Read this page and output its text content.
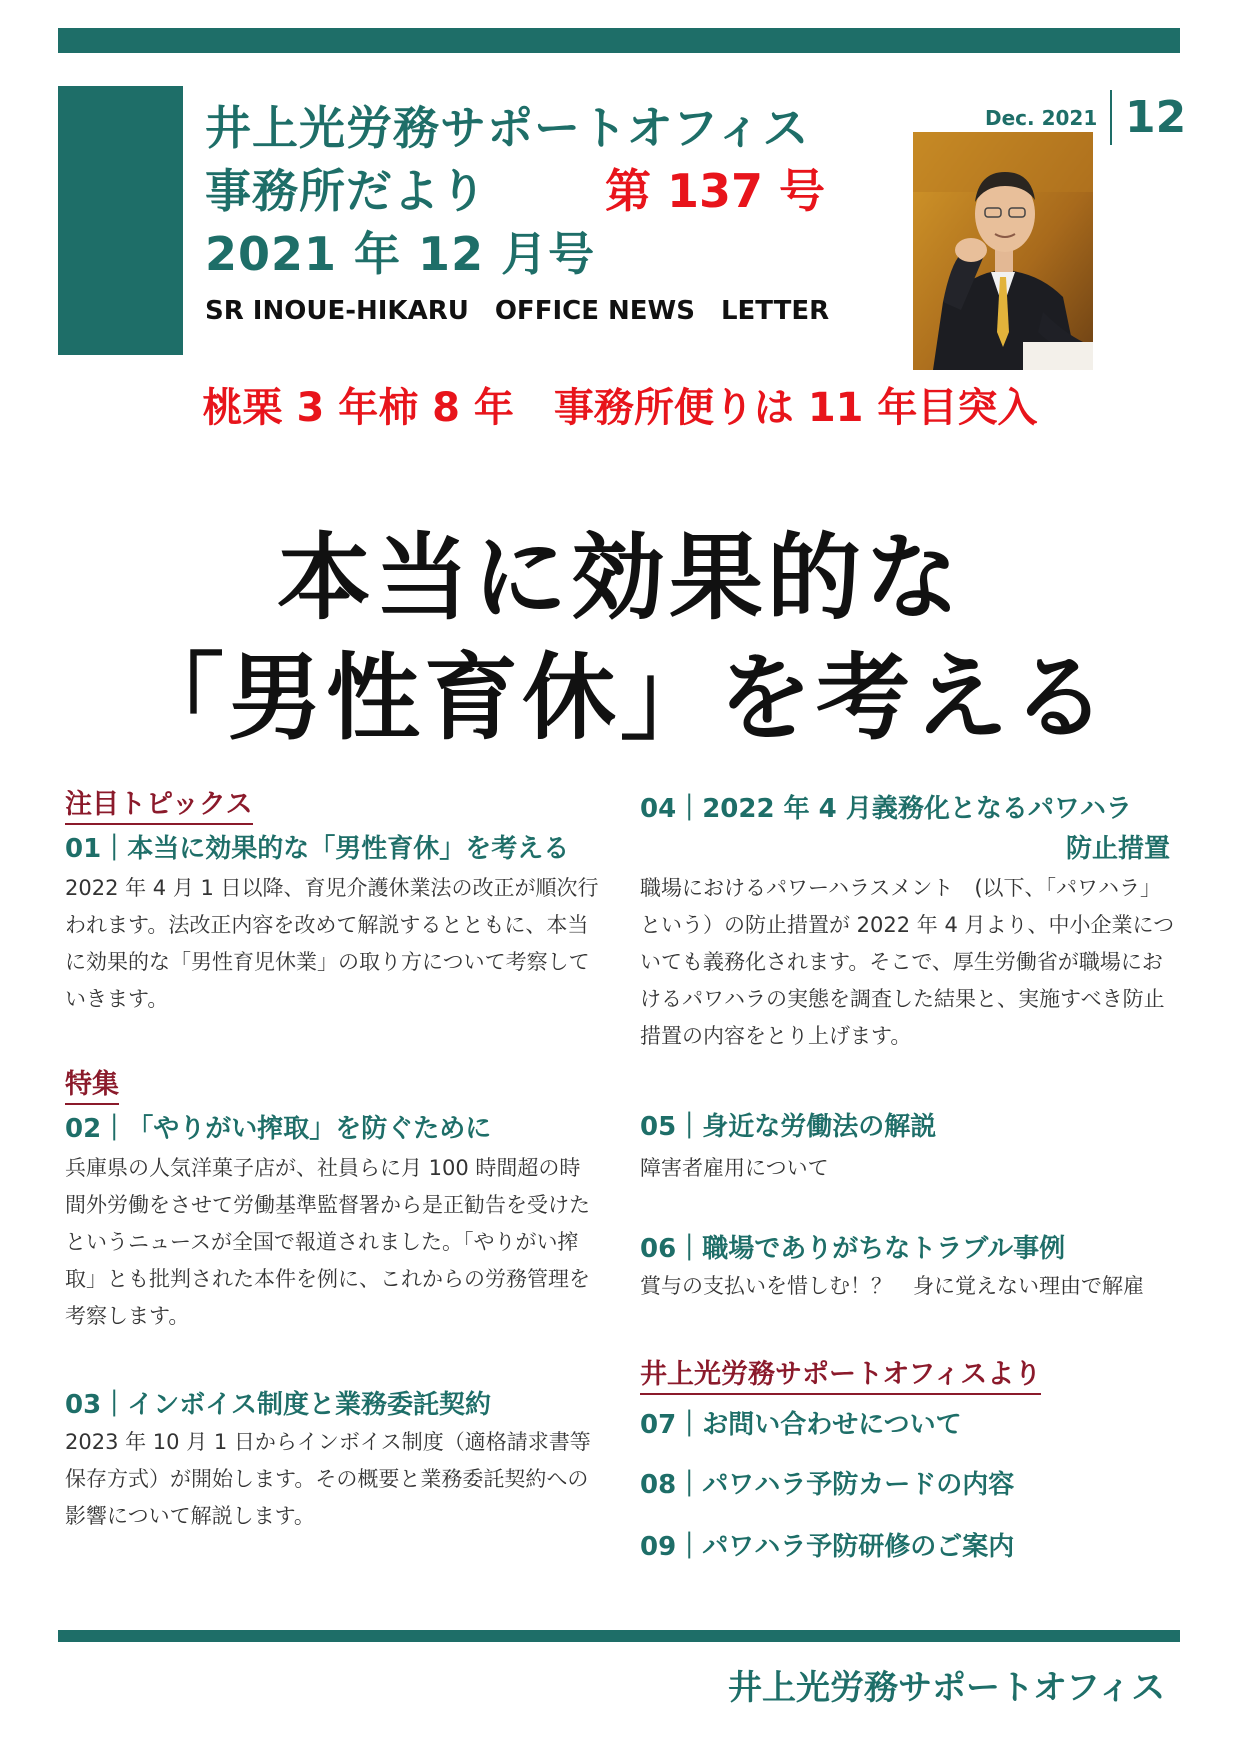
井上光労務サポートオフィス
事務所だより	第 137 号
2021 年 12 月号
SR INOUE-HIKARU　OFFICE NEWS　LETTER
Dec. 2021 12
桃栗 3 年柿 8 年　事務所便りは 11 年目突入
本当に効果的な
「男性育休」を考える
注目トピックス
01｜本当に効果的な「男性育休」を考える
2022 年 4 月 1 日以降、育児介護休業法の改正が順次行われます。法改正内容を改めて解説するとともに、本当に効果的な「男性育児休業」の取り方について考察していきます。
特集
02｜「やりがい搾取」を防ぐために
兵庫県の人気洋菓子店が、社員らに月 100 時間超の時間外労働をさせて労働基準監督署から是正勧告を受けたというニュースが全国で報道されました。「やりがい搾取」とも批判された本件を例に、これからの労務管理を考察します。
03｜インボイス制度と業務委託契約
2023 年 10 月 1 日からインボイス制度（適格請求書等保存方式）が開始します。その概要と業務委託契約への影響について解説します。
04｜2022 年 4 月義務化となるパワハラ
防止措置
職場におけるパワーハラスメント　(以下、「パワハラ」という）の防止措置が 2022 年 4 月より、中小企業についても義務化されます。そこで、厚生労働省が職場におけるパワハラの実態を調査した結果と、実施すべき防止措置の内容をとり上げます。
05｜身近な労働法の解説
障害者雇用について
06｜職場でありがちなトラブル事例
賞与の支払いを惜しむ！？　身に覚えない理由で解雇
井上光労務サポートオフィスより
07｜お問い合わせについて
08｜パワハラ予防カードの内容
09｜パワハラ予防研修のご案内
井上光労務サポートオフィス
